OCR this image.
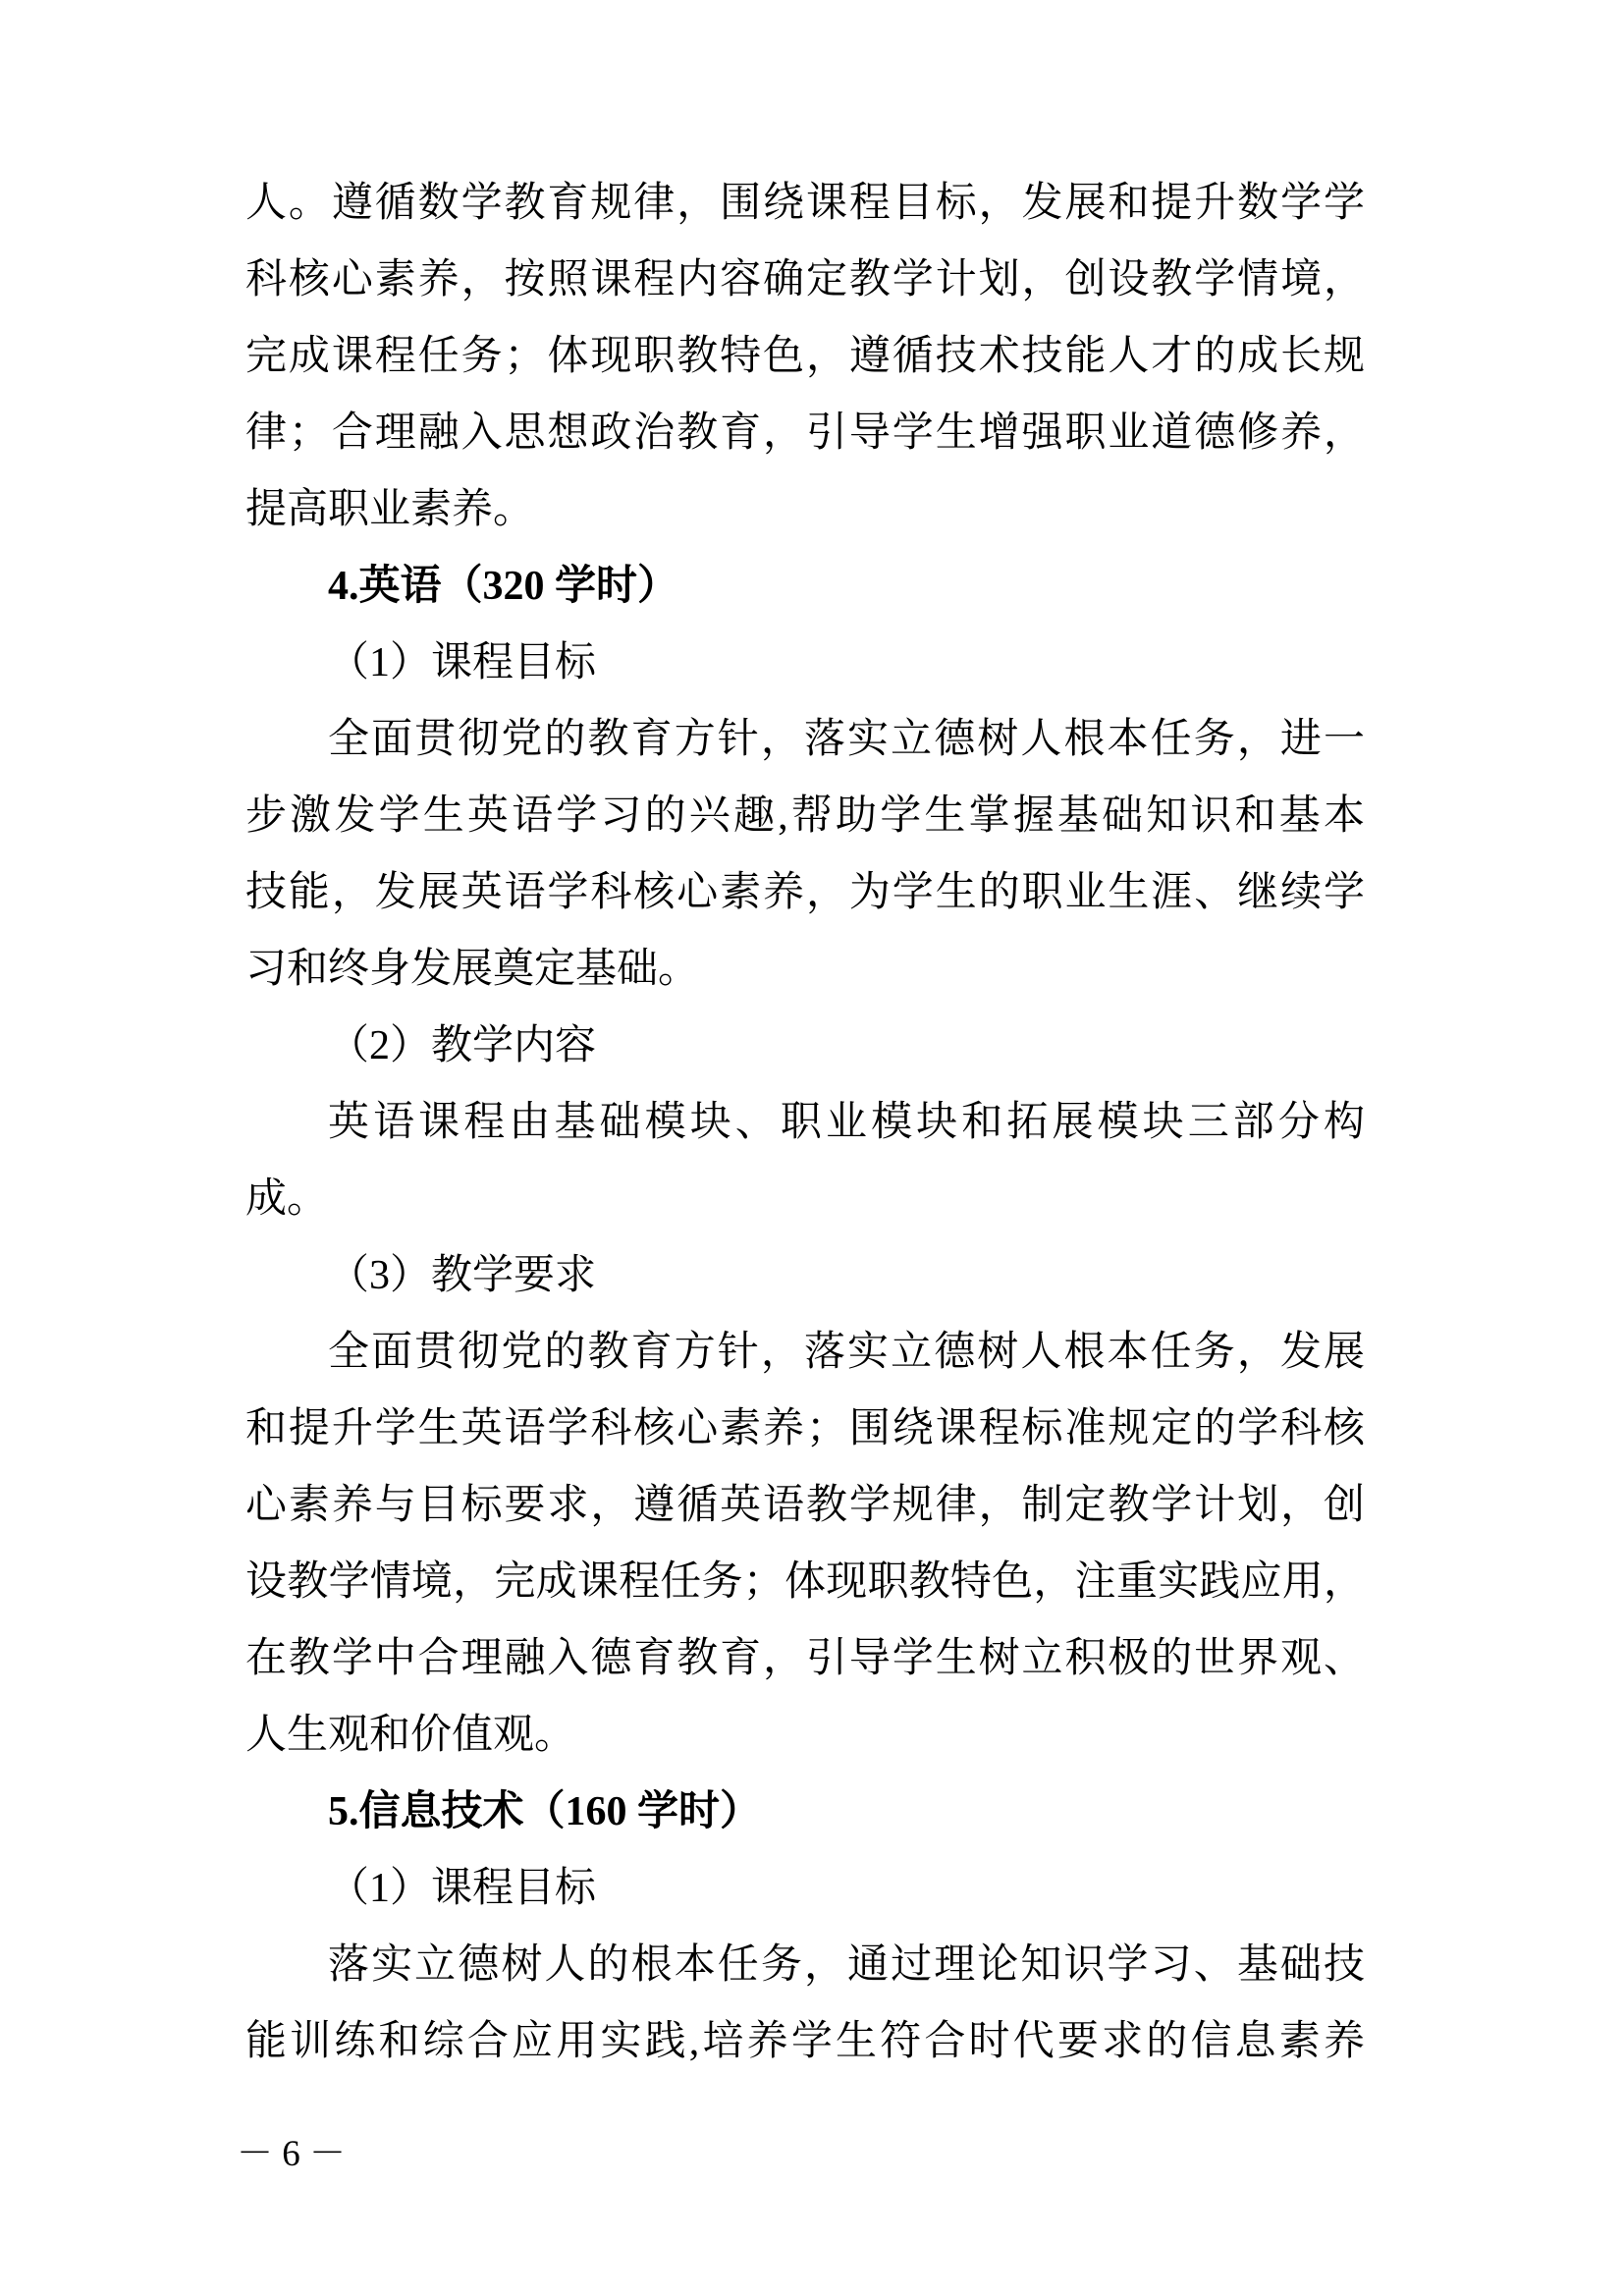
人。遵循数学教育规律，围绕课程目标，发展和提升数学学
科核心素养，按照课程内容确定教学计划，创设教学情境，
完成课程任务；体现职教特色，遵循技术技能人才的成长规
律；合理融入思想政治教育，引导学生增强职业道德修养，
提高职业素养。
4.英语（320 学时）
（1）课程目标
全面贯彻党的教育方针，落实立德树人根本任务，进一
步激发学生英语学习的兴趣,帮助学生掌握基础知识和基本
技能，发展英语学科核心素养，为学生的职业生涯、继续学
习和终身发展奠定基础。
（2）教学内容
英语课程由基础模块、职业模块和拓展模块三部分构
成。
（3）教学要求
全面贯彻党的教育方针，落实立德树人根本任务，发展
和提升学生英语学科核心素养；围绕课程标准规定的学科核
心素养与目标要求，遵循英语教学规律，制定教学计划，创
设教学情境，完成课程任务；体现职教特色，注重实践应用，
在教学中合理融入德育教育，引导学生树立积极的世界观、
人生观和价值观。
5.信息技术（160 学时）
（1）课程目标
落实立德树人的根本任务，通过理论知识学习、基础技
能训练和综合应用实践,培养学生符合时代要求的信息素养
－ 6 －
